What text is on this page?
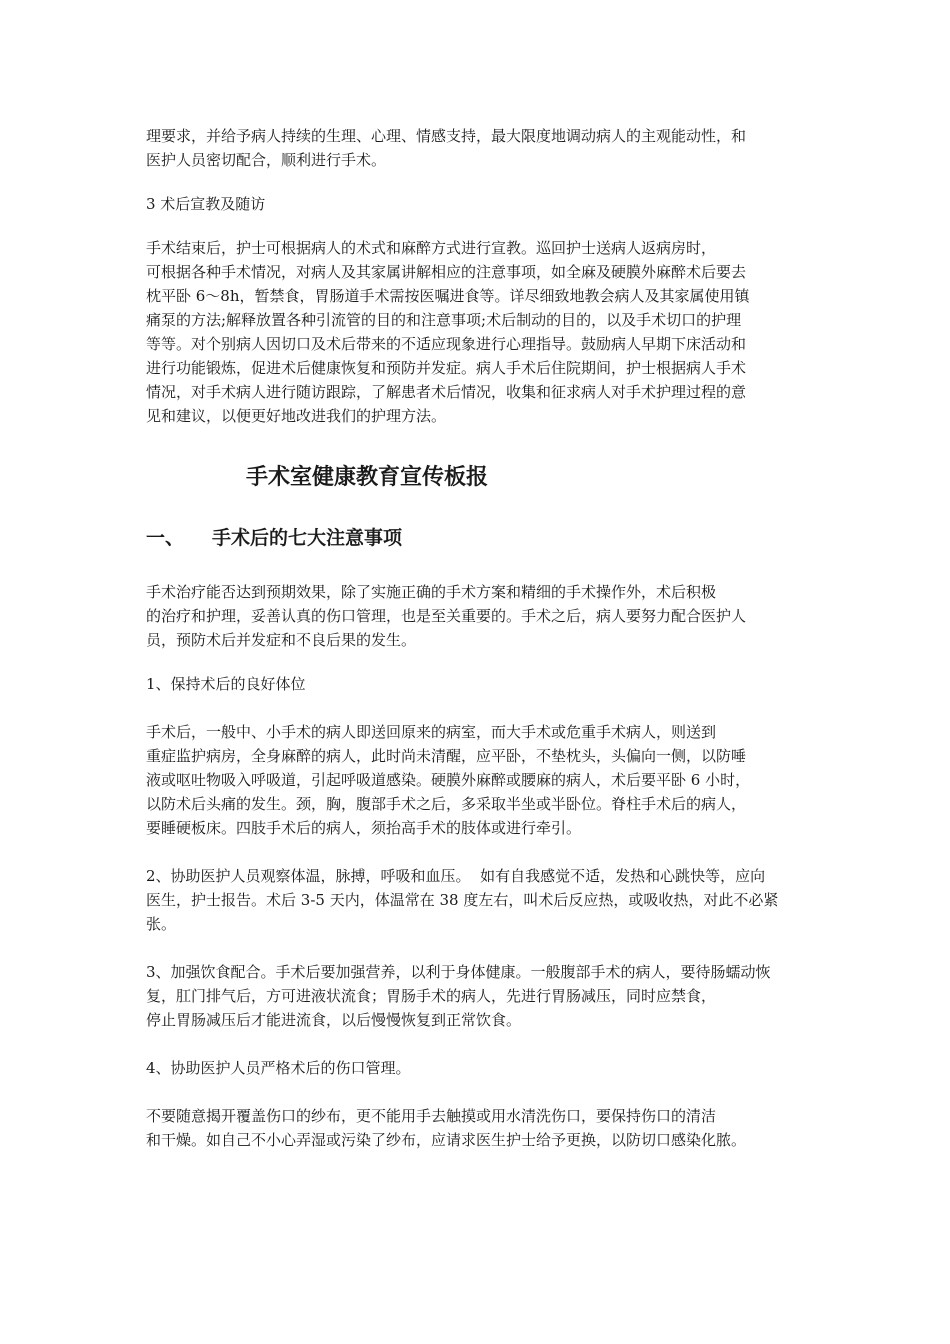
理要求，并给予病人持续的生理、心理、情感支持，最大限度地调动病人的主观能动性，和

医护人员密切配合，顺利进行手术。

3 术后宣教及随访

手术结束后，护士可根据病人的术式和麻醉方式进行宣教。巡回护士送病人返病房时，

可根据各种手术情况，对病人及其家属讲解相应的注意事项，如全麻及硬膜外麻醉术后要去

枕平卧 6～8h，暂禁食，胃肠道手术需按医嘱进食等。详尽细致地教会病人及其家属使用镇

痛泵的方法;解释放置各种引流管的目的和注意事项;术后制动的目的，以及手术切口的护理

等等。对个别病人因切口及术后带来的不适应现象进行心理指导。鼓励病人早期下床活动和

进行功能锻炼，促进术后健康恢复和预防并发症。病人手术后住院期间，护士根据病人手术

情况，对手术病人进行随访跟踪，了解患者术后情况，收集和征求病人对手术护理过程的意

见和建议，以便更好地改进我们的护理方法。

手术室健康教育宣传板报
一、	手术后的七大注意事项

手术治疗能否达到预期效果，除了实施正确的手术方案和精细的手术操作外，术后积极

的治疗和护理，妥善认真的伤口管理，也是至关重要的。手术之后，病人要努力配合医护人

员，预防术后并发症和不良后果的发生。

1、保持术后的良好体位

手术后，一般中、小手术的病人即送回原来的病室，而大手术或危重手术病人，则送到

重症监护病房，全身麻醉的病人，此时尚未清醒，应平卧，不垫枕头，头偏向一侧，以防唾

液或呕吐物吸入呼吸道，引起呼吸道感染。硬膜外麻醉或腰麻的病人，术后要平卧 6 小时，

以防术后头痛的发生。颈，胸，腹部手术之后，多采取半坐或半卧位。脊柱手术后的病人，

要睡硬板床。四肢手术后的病人，须抬高手术的肢体或进行牵引。

2、协助医护人员观察体温，脉搏，呼吸和血压。  如有自我感觉不适，发热和心跳快等，应向

医生，护士报告。术后 3-5 天内，体温常在 38 度左右，叫术后反应热，或吸收热，对此不必紧

张。

3、加强饮食配合。手术后要加强营养，以利于身体健康。一般腹部手术的病人，要待肠蠕动恢

复，肛门排气后，方可进液状流食；胃肠手术的病人，先进行胃肠减压，同时应禁食，

停止胃肠减压后才能进流食，以后慢慢恢复到正常饮食。

4、协助医护人员严格术后的伤口管理。

不要随意揭开覆盖伤口的纱布，更不能用手去触摸或用水清洗伤口，要保持伤口的清洁

和干燥。如自己不小心弄湿或污染了纱布，应请求医生护士给予更换，以防切口感染化脓。
